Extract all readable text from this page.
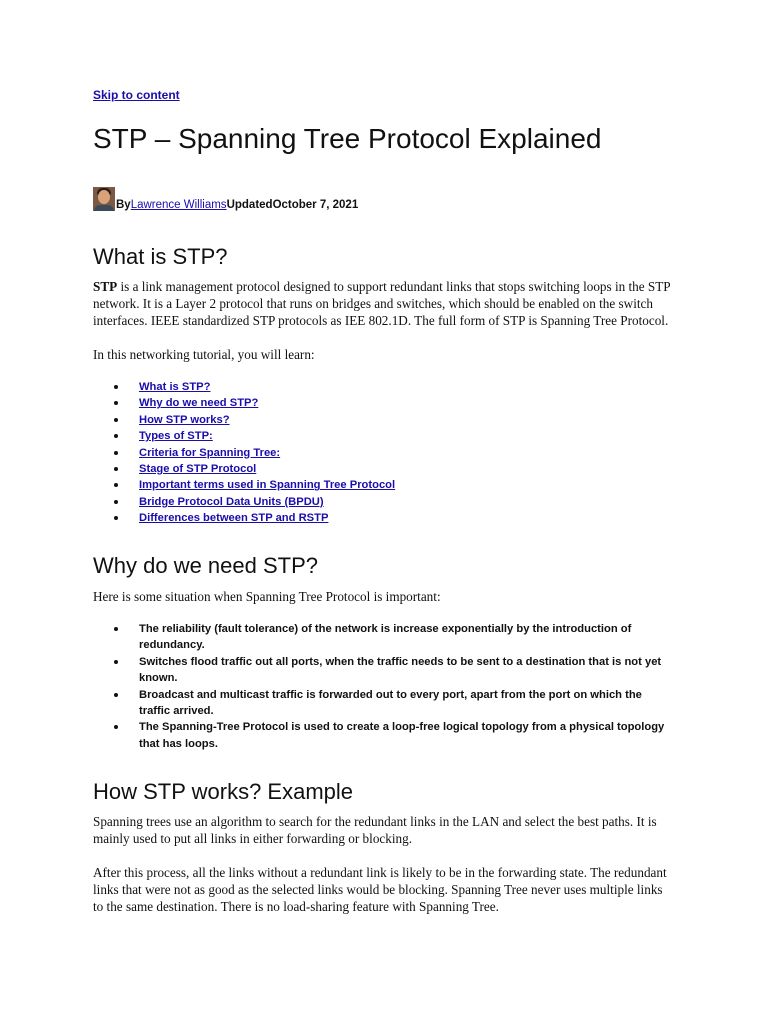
Skip to content
STP – Spanning Tree Protocol Explained
By Lawrence Williams Updated October 7, 2021
What is STP?

STP is a link management protocol designed to support redundant links that stops switching loops in the STP network. It is a Layer 2 protocol that runs on bridges and switches, which should be enabled on the switch interfaces. IEEE standardized STP protocols as IEE 802.1D. The full form of STP is Spanning Tree Protocol.

In this networking tutorial, you will learn:

What is STP?
Why do we need STP?
How STP works?
Types of STP:
Criteria for Spanning Tree:
Stage of STP Protocol
Important terms used in Spanning Tree Protocol
Bridge Protocol Data Units (BPDU)
Differences between STP and RSTP
Why do we need STP?

Here is some situation when Spanning Tree Protocol is important:

The reliability (fault tolerance) of the network is increase exponentially by the introduction of redundancy.
Switches flood traffic out all ports, when the traffic needs to be sent to a destination that is not yet known.
Broadcast and multicast traffic is forwarded out to every port, apart from the port on which the traffic arrived.
The Spanning-Tree Protocol is used to create a loop-free logical topology from a physical topology that has loops.
How STP works? Example

Spanning trees use an algorithm to search for the redundant links in the LAN and select the best paths. It is mainly used to put all links in either forwarding or blocking.

After this process, all the links without a redundant link is likely to be in the forwarding state. The redundant links that were not as good as the selected links would be blocking. Spanning Tree never uses multiple links to the same destination. There is no load-sharing feature with Spanning Tree.
